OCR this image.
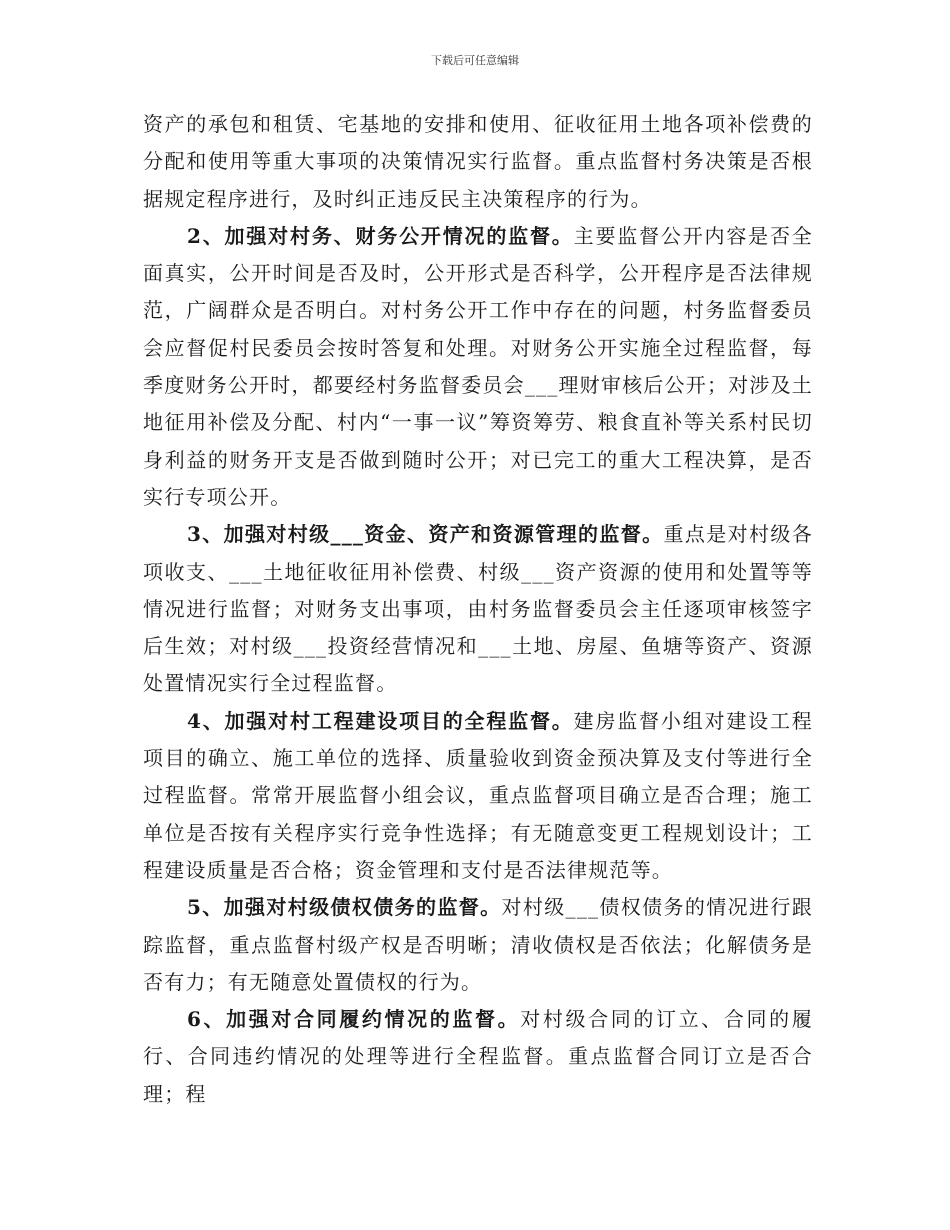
下载后可任意编辑

资产的承包和租赁、宅基地的安排和使用、征收征用土地各项补偿费的分配和使用等重大事项的决策情况实行监督。重点监督村务决策是否根据规定程序进行，及时纠正违反民主决策程序的行为。

2、加强对村务、财务公开情况的监督。主要监督公开内容是否全面真实，公开时间是否及时，公开形式是否科学，公开程序是否法律规范，广阔群众是否明白。对村务公开工作中存在的问题，村务监督委员会应督促村民委员会按时答复和处理。对财务公开实施全过程监督，每季度财务公开时，都要经村务监督委员会___理财审核后公开；对涉及土地征用补偿及分配、村内“一事一议”筹资筹劳、粮食直补等关系村民切身利益的财务开支是否做到随时公开；对已完工的重大工程决算，是否实行专项公开。

3、加强对村级___资金、资产和资源管理的监督。重点是对村级各项收支、___土地征收征用补偿费、村级___资产资源的使用和处置等等情况进行监督；对财务支出事项，由村务监督委员会主任逐项审核签字后生效；对村级___投资经营情况和___土地、房屋、鱼塘等资产、资源处置情况实行全过程监督。

4、加强对村工程建设项目的全程监督。建房监督小组对建设工程项目的确立、施工单位的选择、质量验收到资金预决算及支付等进行全过程监督。常常开展监督小组会议，重点监督项目确立是否合理；施工单位是否按有关程序实行竞争性选择；有无随意变更工程规划设计；工程建设质量是否合格；资金管理和支付是否法律规范等。

5、加强对村级债权债务的监督。对村级___债权债务的情况进行跟踪监督，重点监督村级产权是否明晰；清收债权是否依法；化解债务是否有力；有无随意处置债权的行为。

6、加强对合同履约情况的监督。对村级合同的订立、合同的履行、合同违约情况的处理等进行全程监督。重点监督合同订立是否合理；程
